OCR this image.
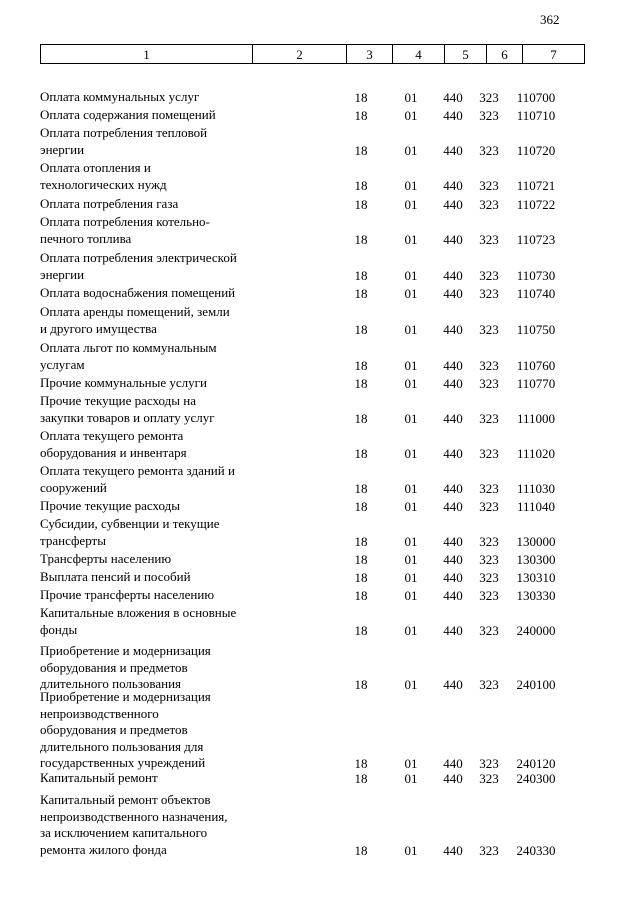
362
1	2	3	4	5	6	7
Оплата коммунальных услуг	18	01	440	323	110700
Оплата содержания помещений	18	01	440	323	110710
Оплата потребления тепловой
энергии	18	01	440	323	110720
Оплата отопления и
технологических нужд	18	01	440	323	110721
Оплата потребления газа	18	01	440	323	110722
Оплата потребления котельно-
печного топлива	18	01	440	323	110723
Оплата потребления электрической
энергии	18	01	440	323	110730
Оплата водоснабжения помещений	18	01	440	323	110740
Оплата аренды помещений, земли
и другого имущества	18	01	440	323	110750
Оплата льгот по коммунальным
услугам	18	01	440	323	110760
Прочие коммунальные услуги	18	01	440	323	110770
Прочие текущие расходы на
закупки товаров и оплату услуг	18	01	440	323	111000
Оплата текущего ремонта
оборудования и инвентаря	18	01	440	323	111020
Оплата текущего ремонта зданий и
сооружений	18	01	440	323	111030
Прочие текущие расходы	18	01	440	323	111040
Субсидии, субвенции и текущие
трансферты	18	01	440	323	130000
Трансферты населению	18	01	440	323	130300
Выплата пенсий и пособий	18	01	440	323	130310
Прочие трансферты населению	18	01	440	323	130330
Капитальные вложения в основные
фонды	18	01	440	323	240000
Приобретение и модернизация
оборудования и предметов
длительного пользования	18	01	440	323	240100
Приобретение и модернизация
непроизводственного
оборудования и предметов
длительного пользования для
государственных учреждений	18	01	440	323	240120
Капитальный ремонт	18	01	440	323	240300
Капитальный ремонт объектов
непроизводственного назначения,
за исключением капитального
ремонта жилого фонда	18	01	440	323	240330
